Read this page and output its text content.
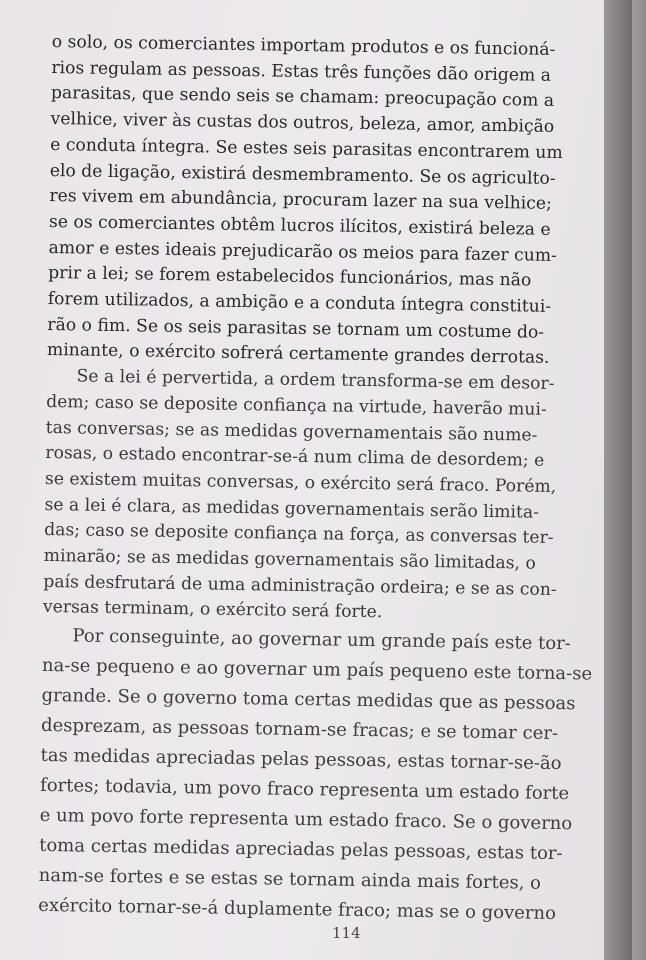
o solo, os comerciantes importam produtos e os funcioná-
rios regulam as pessoas. Estas três funções dão origem a
parasitas, que sendo seis se chamam: preocupação com a
velhice, viver às custas dos outros, beleza, amor, ambição
e conduta íntegra. Se estes seis parasitas encontrarem um
elo de ligação, existirá desmembramento. Se os agriculto-
res vivem em abundância, procuram lazer na sua velhice;
se os comerciantes obtêm lucros ilícitos, existirá beleza e
amor e estes ideais prejudicarão os meios para fazer cum-
prir a lei; se forem estabelecidos funcionários, mas não
forem utilizados, a ambição e a conduta íntegra constitui-
rão o fim. Se os seis parasitas se tornam um costume do-
minante, o exército sofrerá certamente grandes derrotas.
Se a lei é pervertida, a ordem transforma-se em desor-
dem; caso se deposite confiança na virtude, haverão mui-
tas conversas; se as medidas governamentais são nume-
rosas, o estado encontrar-se-á num clima de desordem; e
se existem muitas conversas, o exército será fraco. Porém,
se a lei é clara, as medidas governamentais serão limita-
das; caso se deposite confiança na força, as conversas ter-
minarão; se as medidas governamentais são limitadas, o
país desfrutará de uma administração ordeira; e se as con-
versas terminam, o exército será forte.
Por conseguinte, ao governar um grande país este tor-
na-se pequeno e ao governar um país pequeno este torna-se
grande. Se o governo toma certas medidas que as pessoas
desprezam, as pessoas tornam-se fracas; e se tomar cer-
tas medidas apreciadas pelas pessoas, estas tornar-se-ão
fortes; todavia, um povo fraco representa um estado forte
e um povo forte representa um estado fraco. Se o governo
toma certas medidas apreciadas pelas pessoas, estas tor-
nam-se fortes e se estas se tornam ainda mais fortes, o
exército tornar-se-á duplamente fraco; mas se o governo
114
